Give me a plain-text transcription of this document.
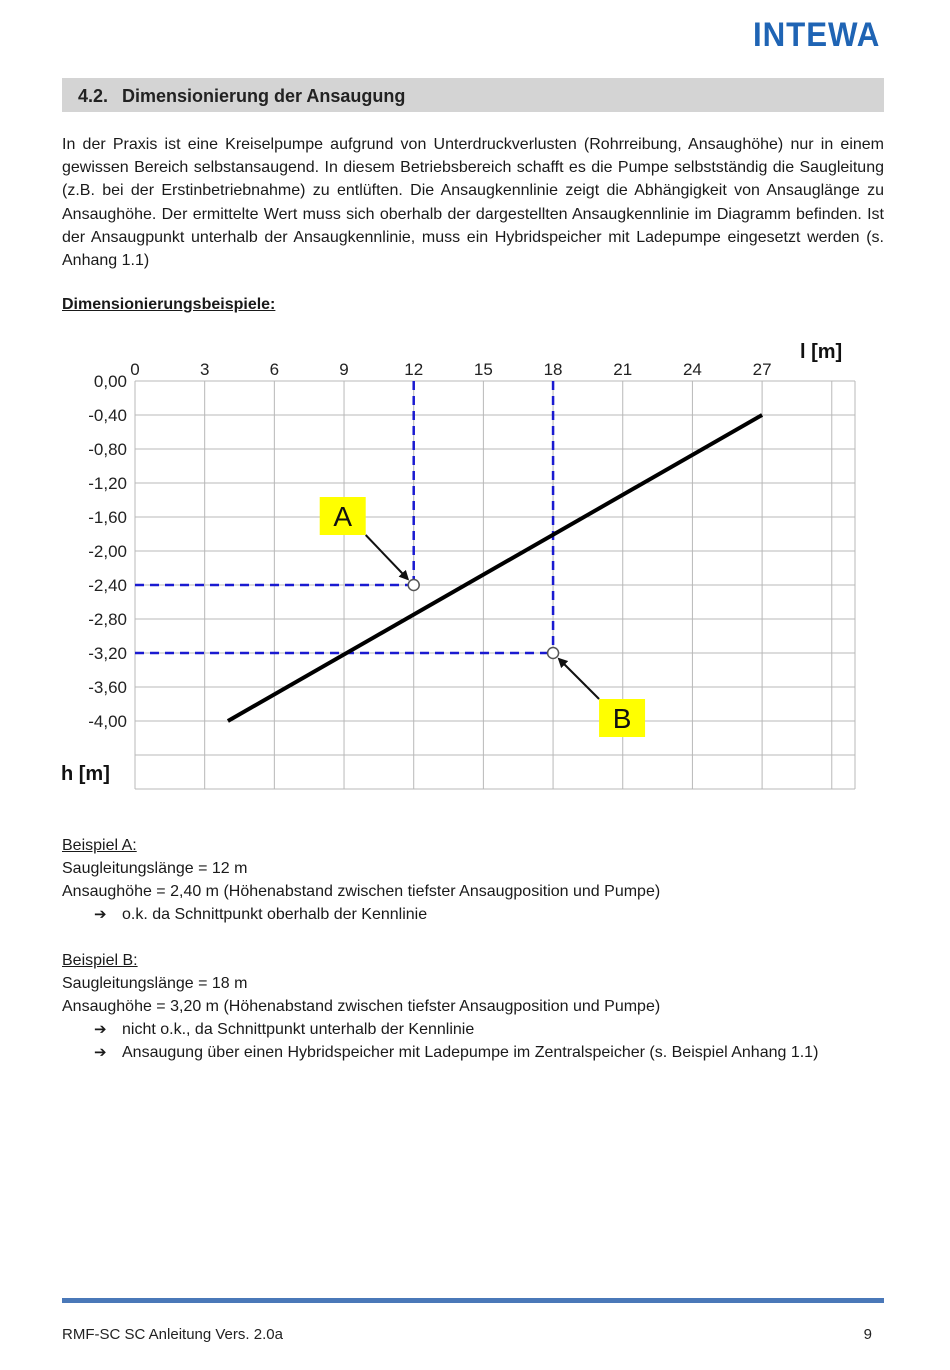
INTEWA
4.2. Dimensionierung der Ansaugung

In der Praxis ist eine Kreiselpumpe aufgrund von Unterdruckverlusten (Rohrreibung, Ansaughöhe) nur in einem gewissen Bereich selbstansaugend. In diesem Betriebsbereich schafft es die Pumpe selbstständig die Saugleitung (z.B. bei der Erstinbetriebnahme) zu entlüften. Die Ansaugkennlinie zeigt die Abhängigkeit von Ansauglänge zu Ansaughöhe. Der ermittelte Wert muss sich oberhalb der dargestellten Ansaugkennlinie im Diagramm befinden. Ist der Ansaugpunkt unterhalb der Ansaugkennlinie, muss ein Hybridspeicher mit Ladepumpe eingesetzt werden (s. Anhang 1.1)

Dimensionierungsbeispiele:
A
B
0	3	6	9	12	15	18	21	24	27
0,00
-0,40
-0,80
-1,20
-1,60
-2,00
-2,40
-2,80
-3,20
-3,60
-4,00
l [m]
h [m]
Beispiel A:
Saugleitungslänge = 12 m
Ansaughöhe = 2,40 m (Höhenabstand zwischen tiefster Ansaugposition und Pumpe)
➔ o.k. da Schnittpunkt oberhalb der Kennlinie
Beispiel B:
Saugleitungslänge = 18 m
Ansaughöhe = 3,20 m (Höhenabstand zwischen tiefster Ansaugposition und Pumpe)
➔ nicht o.k., da Schnittpunkt unterhalb der Kennlinie
➔ Ansaugung über einen Hybridspeicher mit Ladepumpe im Zentralspeicher (s. Beispiel Anhang 1.1)
RMF-SC SC Anleitung Vers. 2.0a	9
